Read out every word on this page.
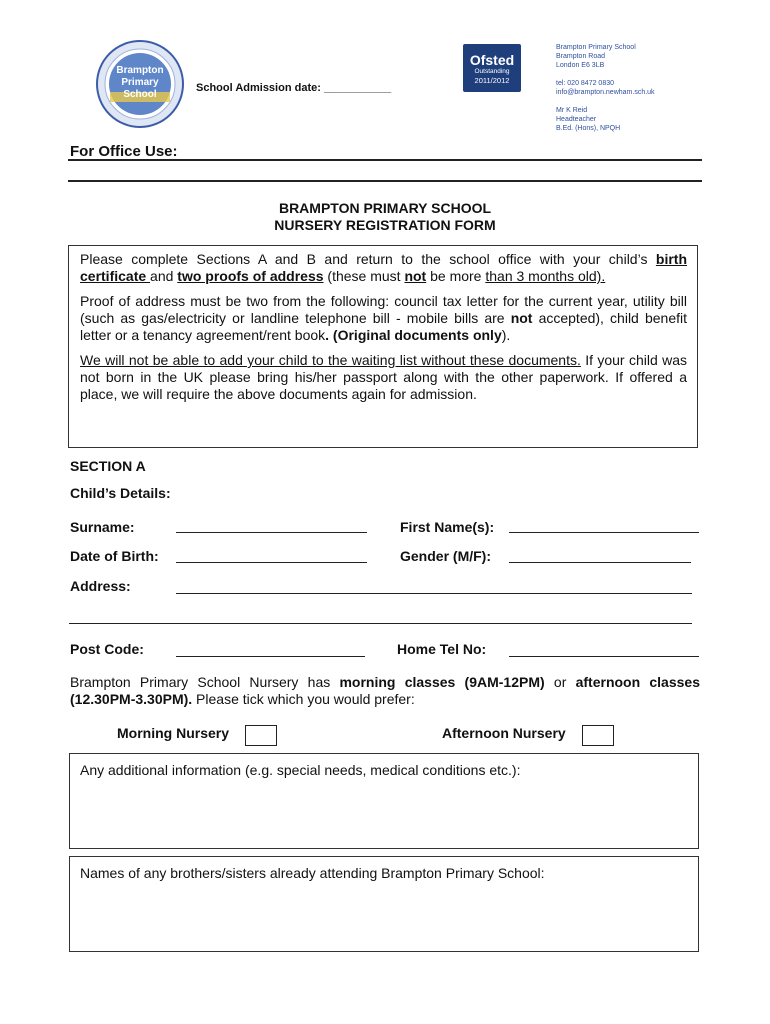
Brampton
Primary
School
School Admission date: ___________
Ofsted
Outstanding
2011/2012
Brampton Primary School
Brampton Road
London E6 3LB
tel: 020 8472 0830
info@brampton.newham.sch.uk
Mr K Reid
Headteacher
B.Ed. (Hons), NPQH
For Office Use:
BRAMPTON PRIMARY SCHOOL
NURSERY REGISTRATION FORM

Please complete Sections A and B and return to the school office with your child’s birth certificate and two proofs of address (these must not be more than 3 months old).

Proof of address must be two from the following: council tax letter for the current year, utility bill (such as gas/electricity or landline telephone bill - mobile bills are not accepted), child benefit letter or a tenancy agreement/rent book. (Original documents only).

We will not be able to add your child to the waiting list without these documents. If your child was not born in the UK please bring his/her passport along with the other paperwork. If offered a place, we will require the above documents again for admission.

SECTION A
Child’s Details:
Surname:	First Name(s):
Date of Birth:	Gender (M/F):
Address:
Post Code:	Home Tel No:
Brampton Primary School Nursery has morning classes (9AM-12PM) or afternoon classes (12.30PM-3.30PM). Please tick which you would prefer:
Morning Nursery	Afternoon Nursery
Any additional information (e.g. special needs, medical conditions etc.):
Names of any brothers/sisters already attending Brampton Primary School:
